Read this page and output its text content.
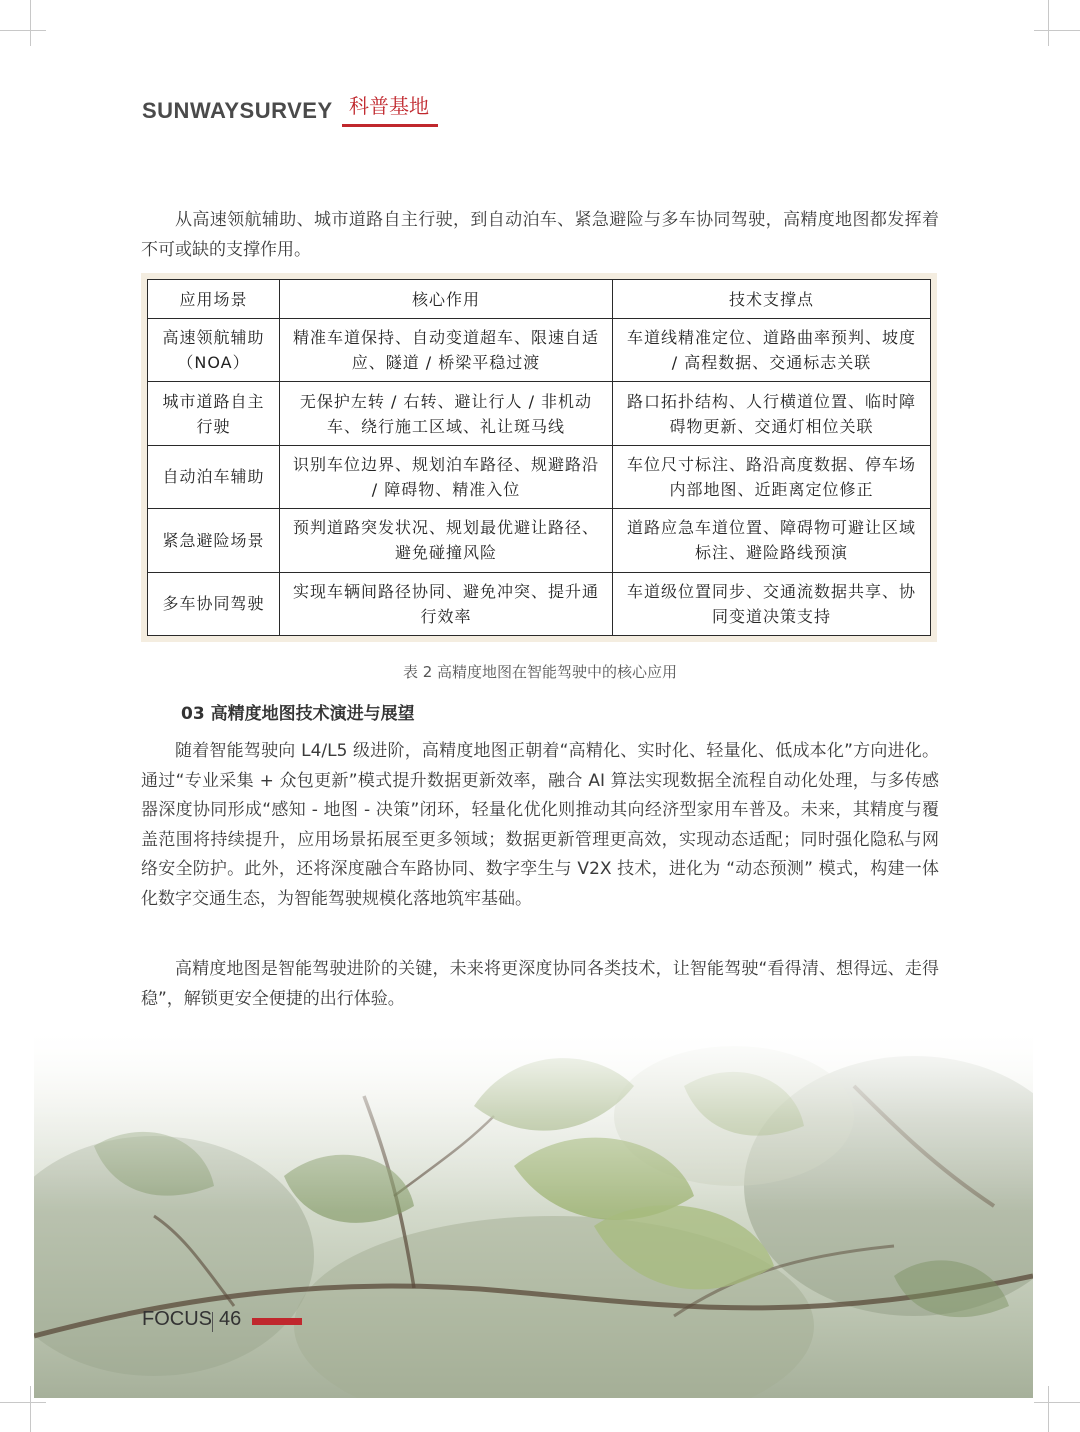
SUNWAYSURVEY 科普基地

从高速领航辅助、城市道路自主行驶，到自动泊车、紧急避险与多车协同驾驶，高精度地图都发挥着不可或缺的支撑作用。

应用场景	核心作用	技术支撑点
高速领航辅助（NOA）	精准车道保持、自动变道超车、限速自适应、隧道 / 桥梁平稳过渡	车道线精准定位、道路曲率预判、坡度 / 高程数据、交通标志关联
城市道路自主行驶	无保护左转 / 右转、避让行人 / 非机动车、绕行施工区域、礼让斑马线	路口拓扑结构、人行横道位置、临时障碍物更新、交通灯相位关联
自动泊车辅助	识别车位边界、规划泊车路径、规避路沿 / 障碍物、精准入位	车位尺寸标注、路沿高度数据、停车场内部地图、近距离定位修正
紧急避险场景	预判道路突发状况、规划最优避让路径、避免碰撞风险	道路应急车道位置、障碍物可避让区域标注、避险路线预演
多车协同驾驶	实现车辆间路径协同、避免冲突、提升通行效率	车道级位置同步、交通流数据共享、协同变道决策支持
表 2 高精度地图在智能驾驶中的核心应用
03 高精度地图技术演进与展望

随着智能驾驶向 L4/L5 级进阶，高精度地图正朝着“高精化、实时化、轻量化、低成本化”方向进化。通过“专业采集 + 众包更新”模式提升数据更新效率，融合 AI 算法实现数据全流程自动化处理，与多传感器深度协同形成“感知 - 地图 - 决策”闭环，轻量化优化则推动其向经济型家用车普及。未来，其精度与覆盖范围将持续提升，应用场景拓展至更多领域；数据更新管理更高效，实现动态适配；同时强化隐私与网络安全防护。此外，还将深度融合车路协同、数字孪生与 V2X 技术，进化为 “动态预测” 模式，构建一体化数字交通生态，为智能驾驶规模化落地筑牢基础。

高精度地图是智能驾驶进阶的关键，未来将更深度协同各类技术，让智能驾驶“看得清、想得远、走得稳”，解锁更安全便捷的出行体验。

FOCUS 46
